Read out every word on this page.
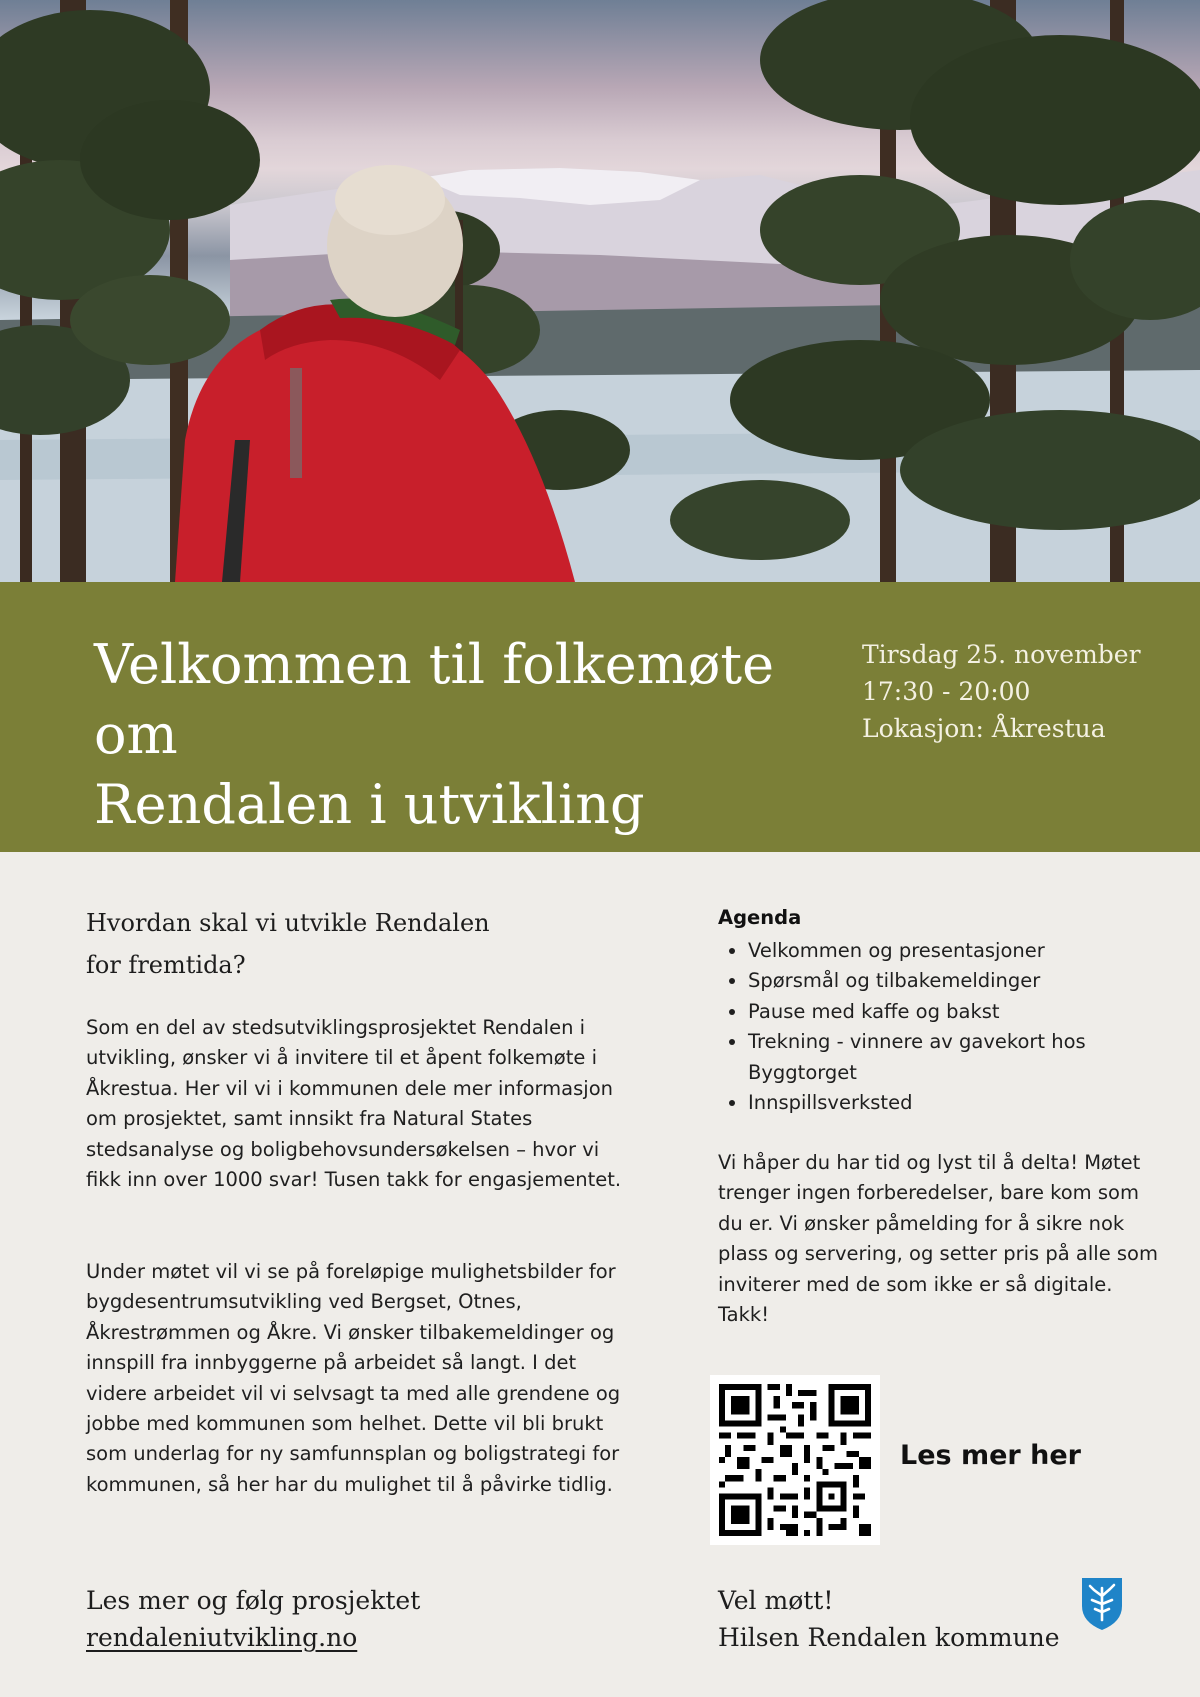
Velkommen til folkemøte om
Rendalen i utvikling
Tirsdag 25. november
17:30 - 20:00
Lokasjon: Åkrestua
Hvordan skal vi utvikle Rendalen
for fremtida?

Som en del av stedsutviklingsprosjektet Rendalen i utvikling, ønsker vi å invitere til et åpent folkemøte i Åkrestua. Her vil vi i kommunen dele mer informasjon om prosjektet, samt innsikt fra Natural States stedsanalyse og boligbehovsundersøkelsen – hvor vi fikk inn over 1000 svar! Tusen takk for engasjementet.

Under møtet vil vi se på foreløpige mulighetsbilder for bygdesentrumsutvikling ved Bergset, Otnes, Åkrestrømmen og Åkre. Vi ønsker tilbakemeldinger og innspill fra innbyggerne på arbeidet så langt. I det videre arbeidet vil vi selvsagt ta med alle grendene og jobbe med kommunen som helhet. Dette vil bli brukt som underlag for ny samfunnsplan og boligstrategi for kommunen, så her har du mulighet til å påvirke tidlig.

Les mer og følg prosjektet
rendaleniutvikling.no
Agenda
• Velkommen og presentasjoner
• Spørsmål og tilbakemeldinger
• Pause med kaffe og bakst
• Trekning - vinnere av gavekort hos Byggtorget
• Innspillsverksted

Vi håper du har tid og lyst til å delta! Møtet trenger ingen forberedelser, bare kom som du er. Vi ønsker påmelding for å sikre nok plass og servering, og setter pris på alle som inviterer med de som ikke er så digitale. Takk!

Les mer her

Vel møtt!
Hilsen Rendalen kommune
